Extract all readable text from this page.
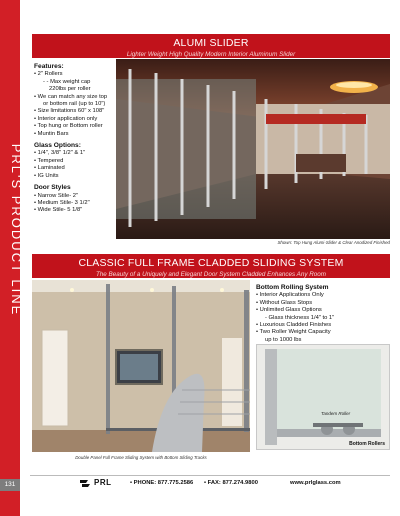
PRL'S PRODUCT LINE
ALUMI SLIDER

Lighter Weight High Quality Modern Interior Aluminum Slider

Features:
• 2" Rollers
- - Max weight cap
220lbs per roller
• We can match any size top
or bottom rail (up to 10")
• Size limitations 60" x 108"
• Interior application only
• Top hung or Bottom roller
• Muntin Bars
Glass Options:
• 1/4", 3/8" 1/2" & 1"
• Tempered
• Laminated
• IG Units
Door Styles
• Narrow Stile- 2"
• Medium Stile- 3 1/2"
• Wide Stile- 5 1/8"
Shown: Top Hung Alumi-Slider & Clear Anodized Finished
CLASSIC FULL FRAME CLADDED SLIDING SYSTEM

The Beauty of a Uniquely and Elegant Door System Cladded Enhances Any Room

Bottom Rolling System
• Interior Applications Only
• Without Glass Stops
• Unlimited Glass Options
- Glass thickness 1/4" to 1"
• Luxurious Cladded Finishes
• Two Roller Weight Capacity
up to 1000 lbs
Tandem Roller
Bottom Rollers
Double Panel Full Frame Sliding System with Bottom Sliding Tracks
131	PRL	• PHONE: 877.775.2586 • FAX: 877.274.9800	www.prlglass.com
